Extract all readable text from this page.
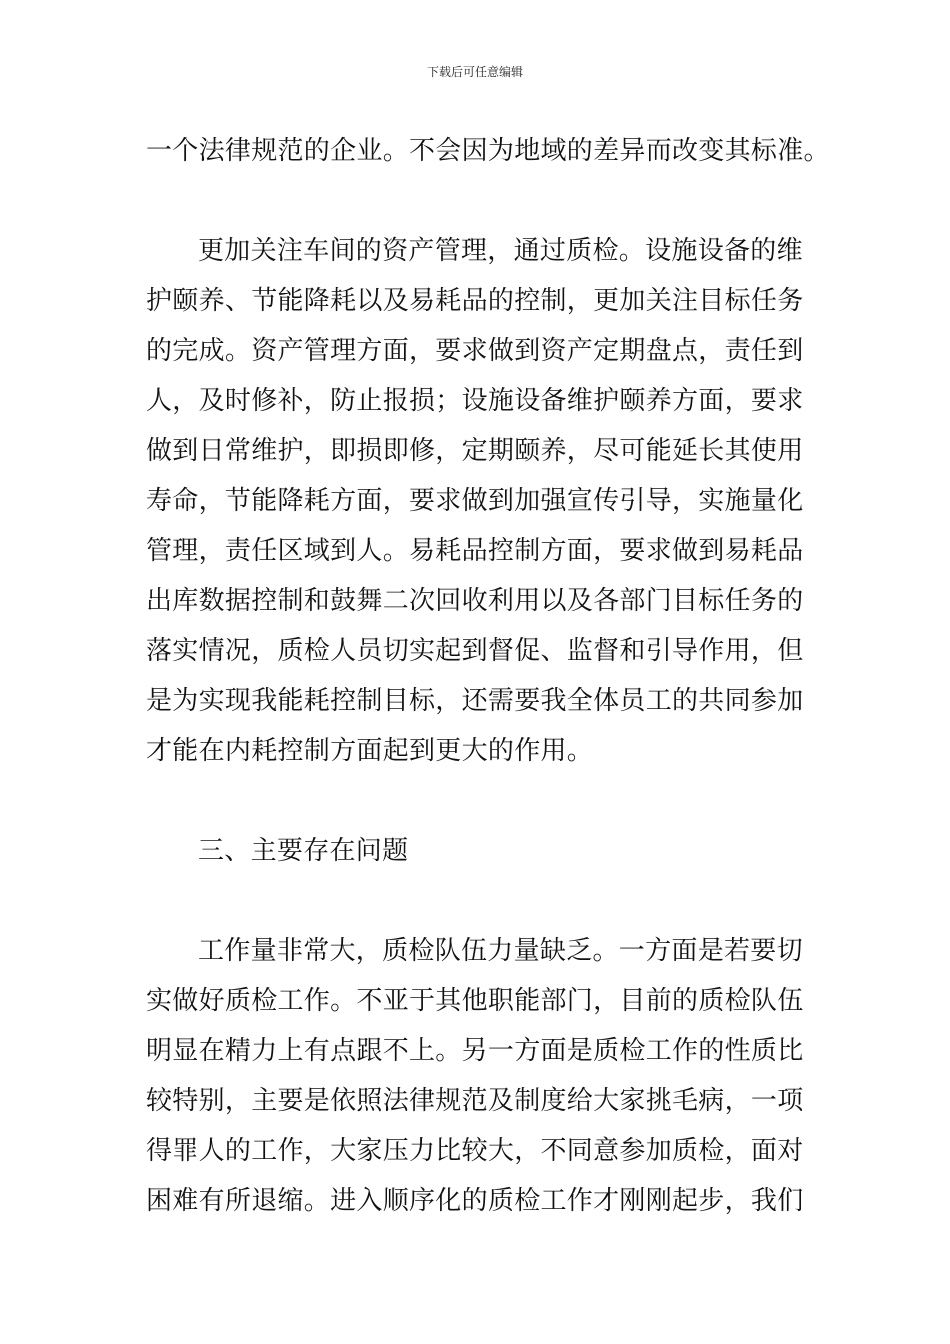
下载后可任意编辑
一个法律规范的企业。不会因为地域的差异而改变其标准。
更加关注车间的资产管理，通过质检。设施设备的维
护颐养、节能降耗以及易耗品的控制，更加关注目标任务
的完成。资产管理方面，要求做到资产定期盘点，责任到
人，及时修补，防止报损；设施设备维护颐养方面，要求
做到日常维护，即损即修，定期颐养，尽可能延长其使用
寿命，节能降耗方面，要求做到加强宣传引导，实施量化
管理，责任区域到人。易耗品控制方面，要求做到易耗品
出库数据控制和鼓舞二次回收利用以及各部门目标任务的
落实情况，质检人员切实起到督促、监督和引导作用，但
是为实现我能耗控制目标，还需要我全体员工的共同参加
才能在内耗控制方面起到更大的作用。
三、主要存在问题
工作量非常大，质检队伍力量缺乏。一方面是若要切
实做好质检工作。不亚于其他职能部门，目前的质检队伍
明显在精力上有点跟不上。另一方面是质检工作的性质比
较特别，主要是依照法律规范及制度给大家挑毛病，一项
得罪人的工作，大家压力比较大，不同意参加质检，面对
困难有所退缩。进入顺序化的质检工作才刚刚起步，我们
